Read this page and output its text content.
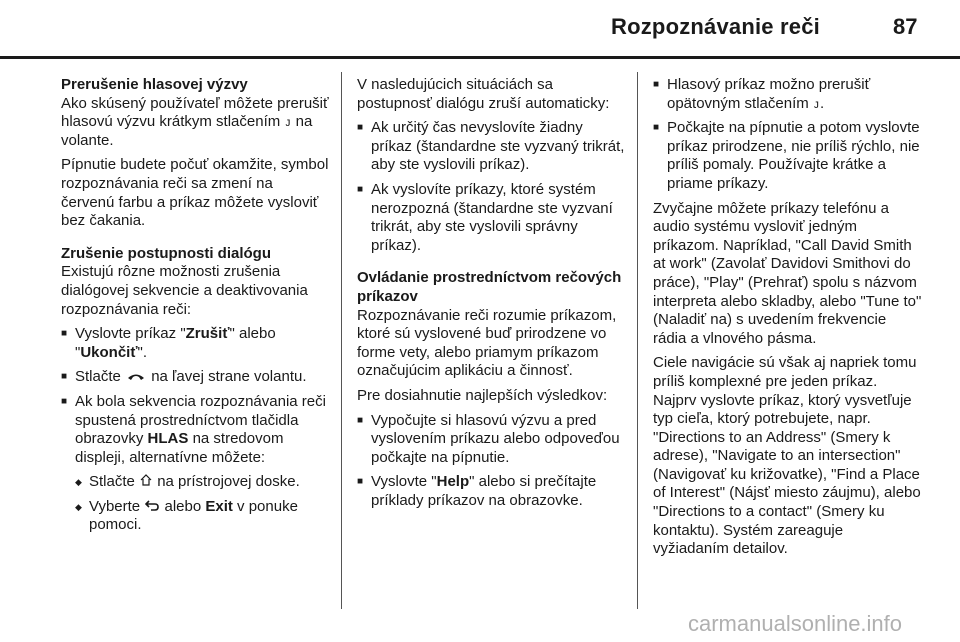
Rozpoznávanie reči	87

Prerušenie hlasovej výzvy

Ako skúsený používateľ môžete prerušiť hlasovú výzvu krátkym stlačením ᴊ na volante.

Pípnutie budete počuť okamžite, symbol rozpoznávania reči sa zmení na červenú farbu a príkaz môžete vysloviť bez čakania.

Zrušenie postupnosti dialógu

Existujú rôzne možnosti zrušenia dialógovej sekvencie a deaktivovania rozpoznávania reči:

■ Vyslovte príkaz "Zrušiť" alebo "Ukončiť".
■ Stlačte na ľavej strane volantu.
■ Ak bola sekvencia rozpoznávania reči spustená prostredníctvom tlačidla obrazovky HLAS na stredovom displeji, alternatívne môžete:
◆ Stlačte na prístrojovej doske.
◆ Vyberte alebo Exit v ponuke pomoci.

V nasledujúcich situáciách sa postupnosť dialógu zruší automaticky:

■ Ak určitý čas nevyslovíte žiadny príkaz (štandardne ste vyzvaný trikrát, aby ste vyslovili príkaz).
■ Ak vyslovíte príkazy, ktoré systém nerozpozná (štandardne ste vyzvaní trikrát, aby ste vyslovili správny príkaz).

Ovládanie prostredníctvom rečových príkazov

Rozpoznávanie reči rozumie príkazom, ktoré sú vyslovené buď prirodzene vo forme vety, alebo priamym príkazom označujúcim aplikáciu a činnosť.

Pre dosiahnutie najlepších výsledkov:

■ Vypočujte si hlasovú výzvu a pred vyslovením príkazu alebo odpoveďou počkajte na pípnutie.
■ Vyslovte "Help" alebo si prečítajte príklady príkazov na obrazovke.
■ Hlasový príkaz možno prerušiť opätovným stlačením ᴊ.
■ Počkajte na pípnutie a potom vyslovte príkaz prirodzene, nie príliš rýchlo, nie príliš pomaly. Používajte krátke a priame príkazy.

Zvyčajne môžete príkazy telefónu a audio systému vysloviť jedným príkazom. Napríklad, "Call David Smith at work" (Zavolať Davidovi Smithovi do práce), "Play" (Prehrať) spolu s názvom interpreta alebo skladby, alebo "Tune to" (Naladiť na) s uvedením frekvencie rádia a vlnového pásma.

Ciele navigácie sú však aj napriek tomu príliš komplexné pre jeden príkaz. Najprv vyslovte príkaz, ktorý vysvetľuje typ cieľa, ktorý potrebujete, napr. "Directions to an Address" (Smery k adrese), "Navigate to an intersection" (Navigovať ku križovatke), "Find a Place of Interest" (Nájsť miesto záujmu), alebo "Directions to a contact" (Smery ku kontaktu). Systém zareaguje vyžiadaním detailov.

carmanualsonline.info
